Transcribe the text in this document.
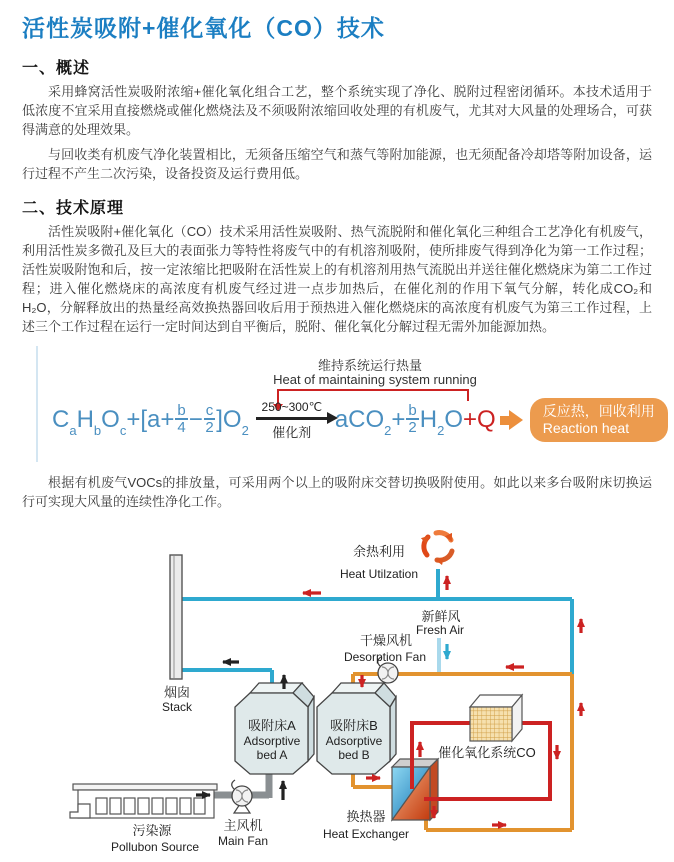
活性炭吸附+催化氧化（CO）技术
一、概述

采用蜂窝活性炭吸附浓缩+催化氧化组合工艺，整个系统实现了净化、脱附过程密闭循环。本技术适用于低浓度不宜采用直接燃烧或催化燃烧法及不须吸附浓缩回收处理的有机废气，尤其对大风量的处理场合，可获得满意的处理效果。

与回收类有机废气净化装置相比，无须备压缩空气和蒸气等附加能源，也无须配备冷却塔等附加设备，运行过程不产生二次污染，设备投资及运行费用低。

二、技术原理

活性炭吸附+催化氧化（CO）技术采用活性炭吸附、热气流脱附和催化氧化三种组合工艺净化有机废气，利用活性炭多微孔及巨大的表面张力等特性将废气中的有机溶剂吸附，使所排废气得到净化为第一工作过程；活性炭吸附饱和后，按一定浓缩比把吸附在活性炭上的有机溶剂用热气流脱出并送往催化燃烧床为第二工作过程；进入催化燃烧床的高浓度有机废气经过进一点步加热后，在催化剂的作用下氧气分解，转化成CO₂和H₂O，分解释放出的热量经高效换热器回收后用于预热进入催化燃烧床的高浓度有机废气为第三工作过程，上述三个工作过程在运行一定时间达到自平衡后，脱附、催化氧化分解过程无需外加能源加热。

维持系统运行热量
Heat of maintaining system running
C a H b O $c +[a+ \frac{b}{4} - \frac{c}{2} ]O$ 2
250~300℃
催化剂 aCO $2 + \frac{b}{2}$ H 2 O +Q	反应热，回收利用
Reaction heat

根据有机废气VOCs的排放量，可采用两个以上的吸附床交替切换吸附使用。如此以来多台吸附床切换运行可实现大风量的连续性净化工作。

余热利用
Heat Utilzation
新鲜风
Fresh Air
干燥风机
Desorption Fan
烟囱
Stack
吸附床A
Adsorptive
bed A
吸附床B
Adsorptive
bed B	催化氧化系统CO
换热器
Heat Exchanger
污染源
Pollubon Source
主风机
Main Fan
